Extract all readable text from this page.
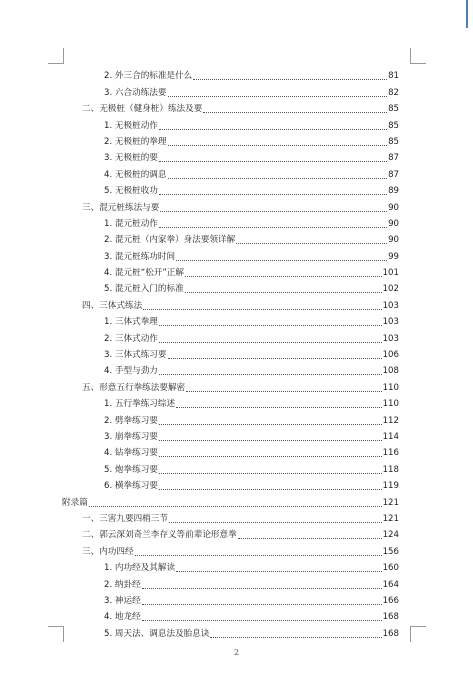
2. 外三合的标准是什么	81
3. 六合动练法要	82
二、无极桩（健身桩）练法及要	85
1. 无极桩动作	85
2. 无极桩的拳理	85
3. 无极桩的要	87
4. 无极桩的调息	87
5. 无极桩收功	89
三、混元桩练法与要	90
1. 混元桩动作	90
2. 混元桩（内家拳）身法要领详解	90
3. 混元桩练功时间	99
4. 混元桩“松开”正解	101
5. 混元桩入门的标准	102
四、三体式练法	103
1. 三体式拳理	103
2. 三体式动作	103
3. 三体式练习要	106
4. 手型与劲力	108
五、形意五行拳练法要解密	110
1. 五行拳练习综述	110
2. 劈拳练习要	112
3. 崩拳练习要	114
4. 钻拳练习要	116
5. 炮拳练习要	118
6. 横拳练习要	119
附录篇	121
一、三害九要四梢三节	121
二、郭云深刘奇兰李存义等前辈论形意拳	124
三、内功四经	156
1. 内功经及其解读	160
2. 纳卦经	164
3. 神运经	166
4. 地龙经	168
5. 周天法、调息法及胎息诀	168
2
